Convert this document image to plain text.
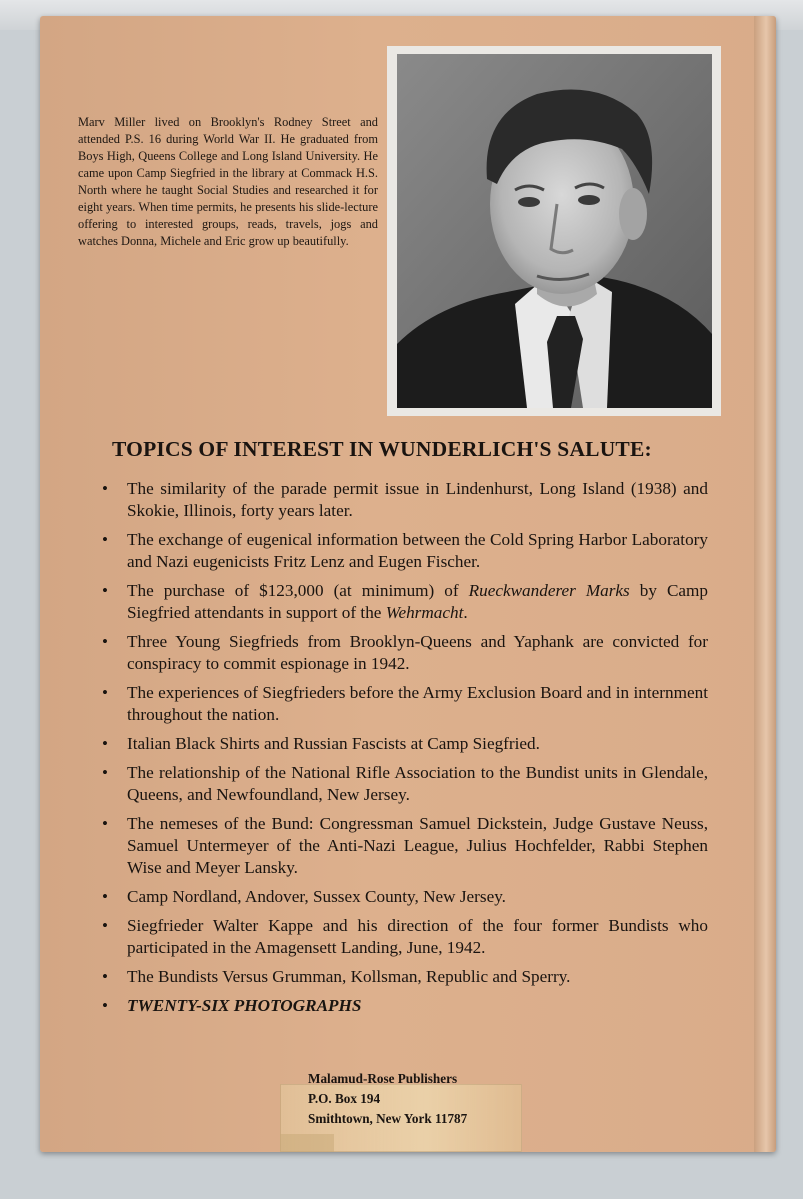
Marv Miller lived on Brooklyn's Rodney Street and attended P.S. 16 during World War II. He graduated from Boys High, Queens College and Long Island University. He came upon Camp Siegfried in the library at Commack H.S. North where he taught Social Studies and researched it for eight years. When time permits, he presents his slide-lecture offering to interested groups, reads, travels, jogs and watches Donna, Michele and Eric grow up beautifully.

TOPICS OF INTEREST IN WUNDERLICH'S SALUTE:
• The similarity of the parade permit issue in Lindenhurst, Long Island (1938) and Skokie, Illinois, forty years later.
• The exchange of eugenical information between the Cold Spring Harbor Laboratory and Nazi eugenicists Fritz Lenz and Eugen Fischer.
• The purchase of $123,000 (at minimum) of Rueckwanderer Marks by Camp Siegfried attendants in support of the Wehrmacht.
• Three Young Siegfrieds from Brooklyn-Queens and Yaphank are convicted for conspiracy to commit espionage in 1942.
• The experiences of Siegfrieders before the Army Exclusion Board and in internment throughout the nation.
• Italian Black Shirts and Russian Fascists at Camp Siegfried.
• The relationship of the National Rifle Association to the Bundist units in Glendale, Queens, and Newfoundland, New Jersey.
• The nemeses of the Bund: Congressman Samuel Dickstein, Judge Gustave Neuss, Samuel Untermeyer of the Anti-Nazi League, Julius Hochfelder, Rabbi Stephen Wise and Meyer Lansky.
• Camp Nordland, Andover, Sussex County, New Jersey.
• Siegfrieder Walter Kappe and his direction of the four former Bundists who participated in the Amagensett Landing, June, 1942.
• The Bundists Versus Grumman, Kollsman, Republic and Sperry.
• TWENTY-SIX PHOTOGRAPHS
Malamud-Rose Publishers
P.O. Box 194
Smithtown, New York 11787
